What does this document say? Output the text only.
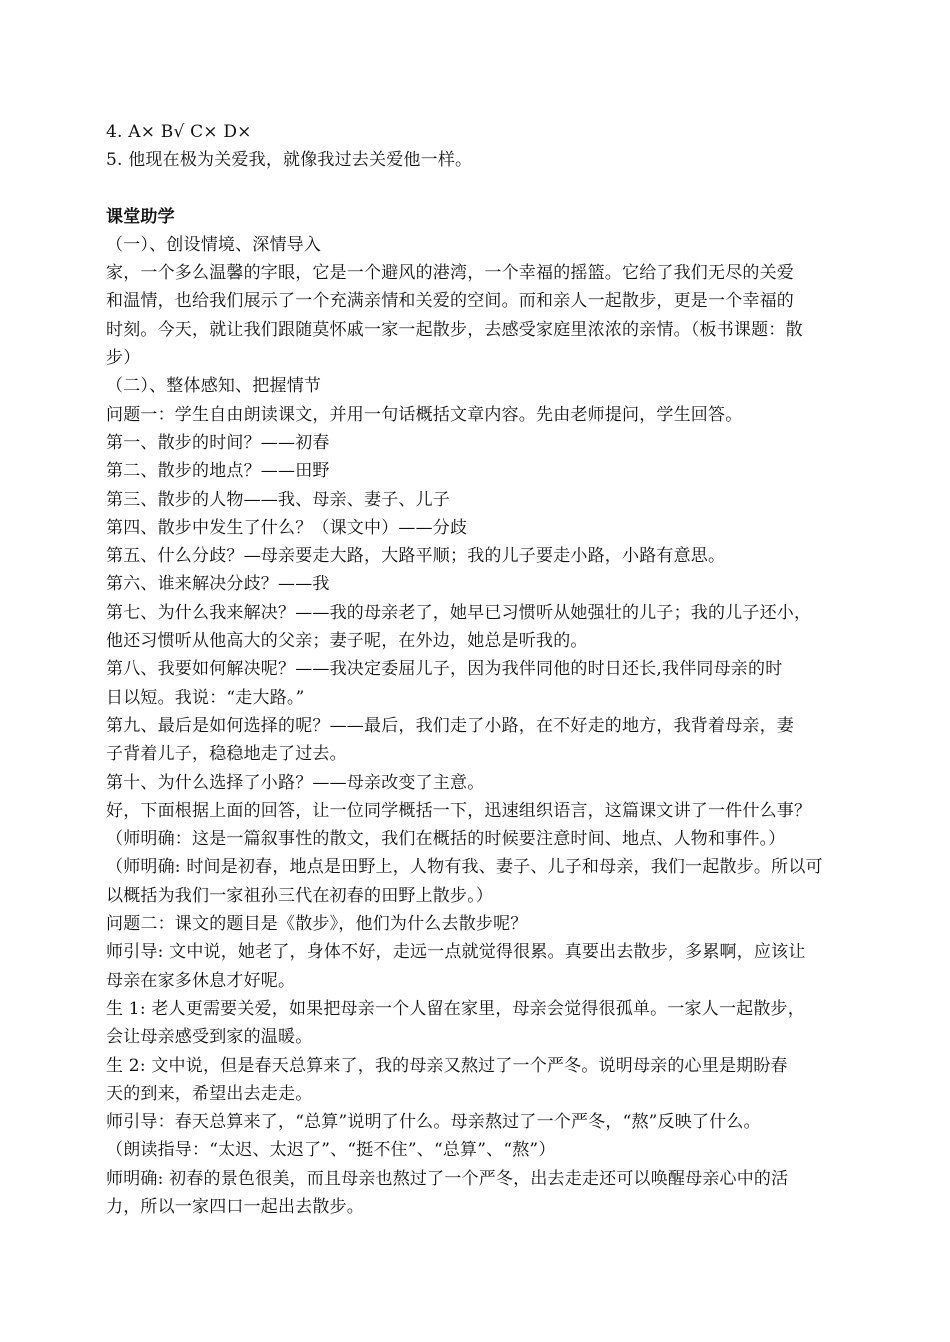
4. A× B√ C× D×
5. 他现在极为关爱我，就像我过去关爱他一样。
课堂助学
（一）、创设情境、深情导入
家，一个多么温馨的字眼，它是一个避风的港湾，一个幸福的摇篮。它给了我们无尽的关爱
和温情，也给我们展示了一个充满亲情和关爱的空间。而和亲人一起散步，更是一个幸福的
时刻。今天，就让我们跟随莫怀戚一家一起散步，去感受家庭里浓浓的亲情。（板书课题：散
步）
（二）、整体感知、把握情节
问题一：学生自由朗读课文，并用一句话概括文章内容。先由老师提问，学生回答。
第一、散步的时间？——初春
第二、散步的地点？——田野
第三、散步的人物——我、母亲、妻子、儿子
第四、散步中发生了什么？（课文中）——分歧
第五、什么分歧？—母亲要走大路，大路平顺；我的儿子要走小路，小路有意思。
第六、谁来解决分歧？——我
第七、为什么我来解决？——我的母亲老了，她早已习惯听从她强壮的儿子；我的儿子还小，
他还习惯听从他高大的父亲；妻子呢，在外边，她总是听我的。
第八、我要如何解决呢？——我决定委屈儿子，因为我伴同他的时日还长,我伴同母亲的时
日以短。我说：“走大路。”
第九、最后是如何选择的呢？——最后，我们走了小路，在不好走的地方，我背着母亲，妻
子背着儿子，稳稳地走了过去。
第十、为什么选择了小路？——母亲改变了主意。
好，下面根据上面的回答，让一位同学概括一下，迅速组织语言，这篇课文讲了一件什么事？
（师明确：这是一篇叙事性的散文，我们在概括的时候要注意时间、地点、人物和事件。）
（师明确: 时间是初春，地点是田野上，人物有我、妻子、儿子和母亲，我们一起散步。所以可
以概括为我们一家祖孙三代在初春的田野上散步。）
问题二：课文的题目是《散步》，他们为什么去散步呢？
师引导: 文中说，她老了，身体不好，走远一点就觉得很累。真要出去散步，多累啊，应该让
母亲在家多休息才好呢。
生 1: 老人更需要关爱，如果把母亲一个人留在家里，母亲会觉得很孤单。一家人一起散步，
会让母亲感受到家的温暖。
生 2: 文中说，但是春天总算来了，我的母亲又熬过了一个严冬。说明母亲的心里是期盼春
天的到来，希望出去走走。
师引导：春天总算来了，“总算”说明了什么。母亲熬过了一个严冬，“熬”反映了什么。
（朗读指导：“太迟、太迟了”、“挺不住”、“总算”、“熬”）
师明确: 初春的景色很美，而且母亲也熬过了一个严冬，出去走走还可以唤醒母亲心中的活
力，所以一家四口一起出去散步。
